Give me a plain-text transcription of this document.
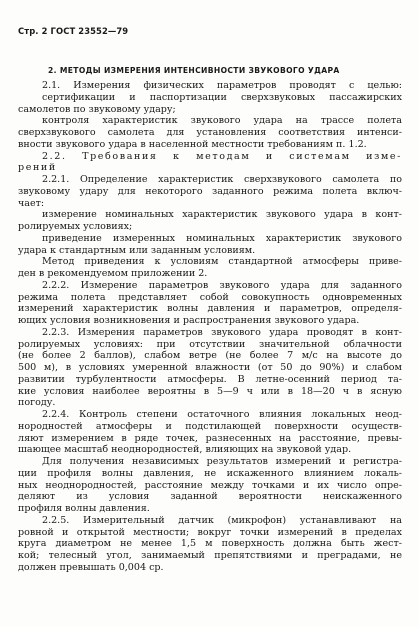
Стр. 2 ГОСТ 23552—79
2. МЕТОДЫ ИЗМЕРЕНИЯ ИНТЕНСИВНОСТИ ЗВУКОВОГО УДАРА

2.1. Измерения физических параметров проводят с целью:

сертификации и паспортизации сверхзвуковых пассажирских

самолетов по звуковому удару;

контроля характеристик звукового удара на трассе полета

сверхзвукового самолета для установления соответствия интенси-

вности звукового удара в населенной местности требованиям п. 1.2.

2.2. Требования к методам и системам изме-

рений

2.2.1. Определение характеристик сверхзвукового самолета по

звуковому удару для некоторого заданного режима полета включ-

чает:

измерение номинальных характеристик звукового удара в конт-

ролируемых условиях;

приведение измеренных номинальных характеристик звукового

удара к стандартным или заданным условиям.

Метод приведения к условиям стандартной атмосферы приве-

ден в рекомендуемом приложении 2.

2.2.2. Измерение параметров звукового удара для заданного

режима полета представляет собой совокупность одновременных

измерений характеристик волны давления и параметров, определя-

ющих условия возникновения и распространения звукового удара.

2.2.3. Измерения параметров звукового удара проводят в конт-

ролируемых условиях: при отсутствии значительной облачности

(не более 2 баллов), слабом ветре (не более 7 м/с на высоте до

500 м), в условиях умеренной влажности (от 50 до 90%) и слабом

развитии турбулентности атмосферы. В летне-осенний период та-

кие условия наиболее вероятны в 5—9 ч или в 18—20 ч в ясную

погоду.

2.2.4. Контроль степени остаточного влияния локальных неод-

нородностей атмосферы и подстилающей поверхности осуществ-

ляют измерением в ряде точек, разнесенных на расстояние, превы-

шающее масштаб неоднородностей, влияющих на звуковой удар.

Для получения независимых результатов измерений и регистра-

ции профиля волны давления, не искаженного влиянием локаль-

ных неоднородностей, расстояние между точками и их число опре-

деляют из условия заданной вероятности неискаженного

профиля волны давления.

2.2.5. Измерительный датчик (микрофон) устанавливают на

ровной и открытой местности; вокруг точки измерений в пределах

круга диаметром не менее 1,5 м поверхность должна быть жест-

кой; телесный угол, занимаемый препятствиями и преградами, не

должен превышать 0,004 ср.
